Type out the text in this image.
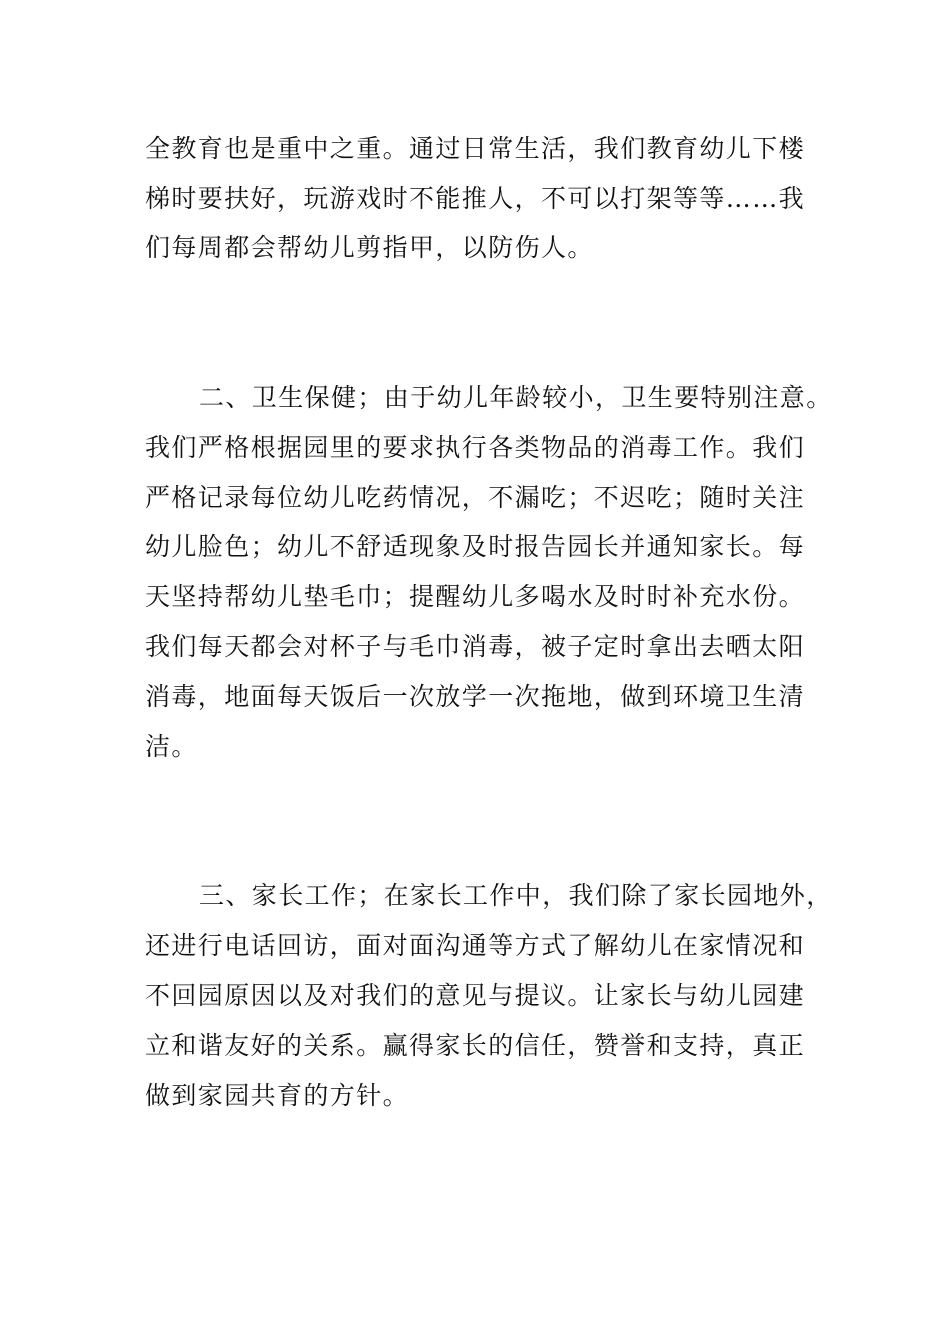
全教育也是重中之重。通过日常生活，我们教育幼儿下楼
梯时要扶好，玩游戏时不能推人，不可以打架等等……我
们每周都会帮幼儿剪指甲，以防伤人。
二、卫生保健；由于幼儿年龄较小，卫生要特别注意。
我们严格根据园里的要求执行各类物品的消毒工作。我们
严格记录每位幼儿吃药情况，不漏吃；不迟吃；随时关注
幼儿脸色；幼儿不舒适现象及时报告园长并通知家长。每
天坚持帮幼儿垫毛巾；提醒幼儿多喝水及时时补充水份。
我们每天都会对杯子与毛巾消毒，被子定时拿出去晒太阳
消毒，地面每天饭后一次放学一次拖地，做到环境卫生清
洁。
三、家长工作；在家长工作中，我们除了家长园地外，
还进行电话回访，面对面沟通等方式了解幼儿在家情况和
不回园原因以及对我们的意见与提议。让家长与幼儿园建
立和谐友好的关系。赢得家长的信任，赞誉和支持，真正
做到家园共育的方针。
